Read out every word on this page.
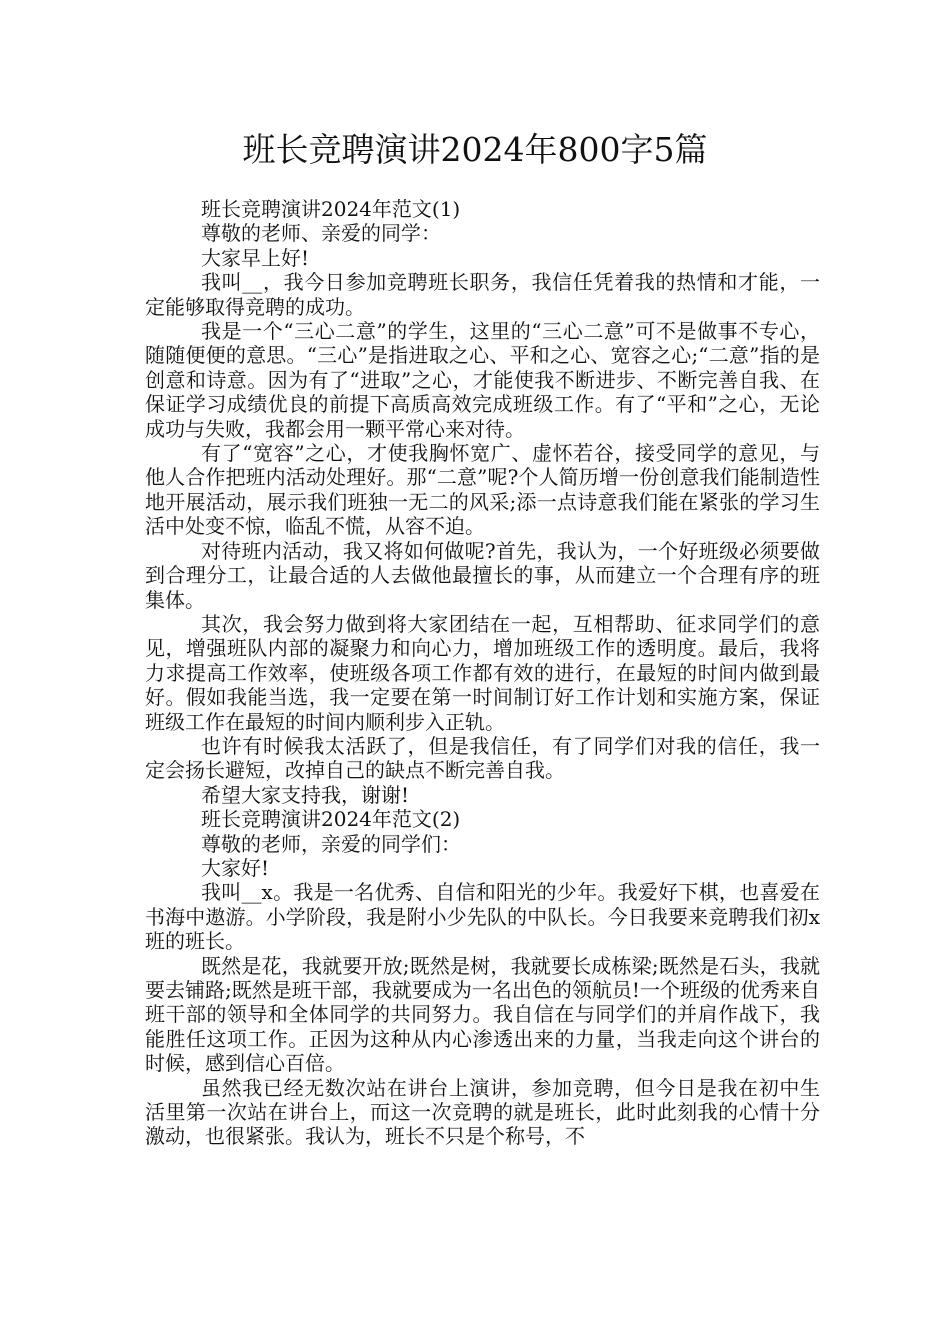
班长竞聘演讲2024年800字5篇

班长竞聘演讲2024年范文(1)

尊敬的老师、亲爱的同学：

大家早上好!

我叫__，我今日参加竞聘班长职务，我信任凭着我的热情和才能，一定能够取得竞聘的成功。

我是一个“三心二意”的学生，这里的“三心二意”可不是做事不专心，随随便便的意思。“三心”是指进取之心、平和之心、宽容之心;“二意”指的是创意和诗意。因为有了“进取”之心，才能使我不断进步、不断完善自我、在保证学习成绩优良的前提下高质高效完成班级工作。有了“平和”之心，无论成功与失败，我都会用一颗平常心来对待。

有了“宽容”之心，才使我胸怀宽广、虚怀若谷，接受同学的意见，与他人合作把班内活动处理好。那“二意”呢?个人简历增一份创意我们能制造性地开展活动，展示我们班独一无二的风采;添一点诗意我们能在紧张的学习生活中处变不惊，临乱不慌，从容不迫。

对待班内活动，我又将如何做呢?首先，我认为，一个好班级必须要做到合理分工，让最合适的人去做他最擅长的事，从而建立一个合理有序的班集体。

其次，我会努力做到将大家团结在一起，互相帮助、征求同学们的意见，增强班队内部的凝聚力和向心力，增加班级工作的透明度。最后，我将力求提高工作效率，使班级各项工作都有效的进行，在最短的时间内做到最好。假如我能当选，我一定要在第一时间制订好工作计划和实施方案，保证班级工作在最短的时间内顺利步入正轨。

也许有时候我太活跃了，但是我信任，有了同学们对我的信任，我一定会扬长避短，改掉自己的缺点不断完善自我。

希望大家支持我，谢谢!

班长竞聘演讲2024年范文(2)

尊敬的老师，亲爱的同学们：

大家好!

我叫__x。我是一名优秀、自信和阳光的少年。我爱好下棋，也喜爱在书海中遨游。小学阶段，我是附小少先队的中队长。今日我要来竞聘我们初x班的班长。

既然是花，我就要开放;既然是树，我就要长成栋梁;既然是石头，我就要去铺路;既然是班干部，我就要成为一名出色的领航员!一个班级的优秀来自班干部的领导和全体同学的共同努力。我自信在与同学们的并肩作战下，我能胜任这项工作。正因为这种从内心渗透出来的力量，当我走向这个讲台的时候，感到信心百倍。

虽然我已经无数次站在讲台上演讲，参加竞聘，但今日是我在初中生活里第一次站在讲台上，而这一次竞聘的就是班长，此时此刻我的心情十分激动，也很紧张。我认为，班长不只是个称号，不
